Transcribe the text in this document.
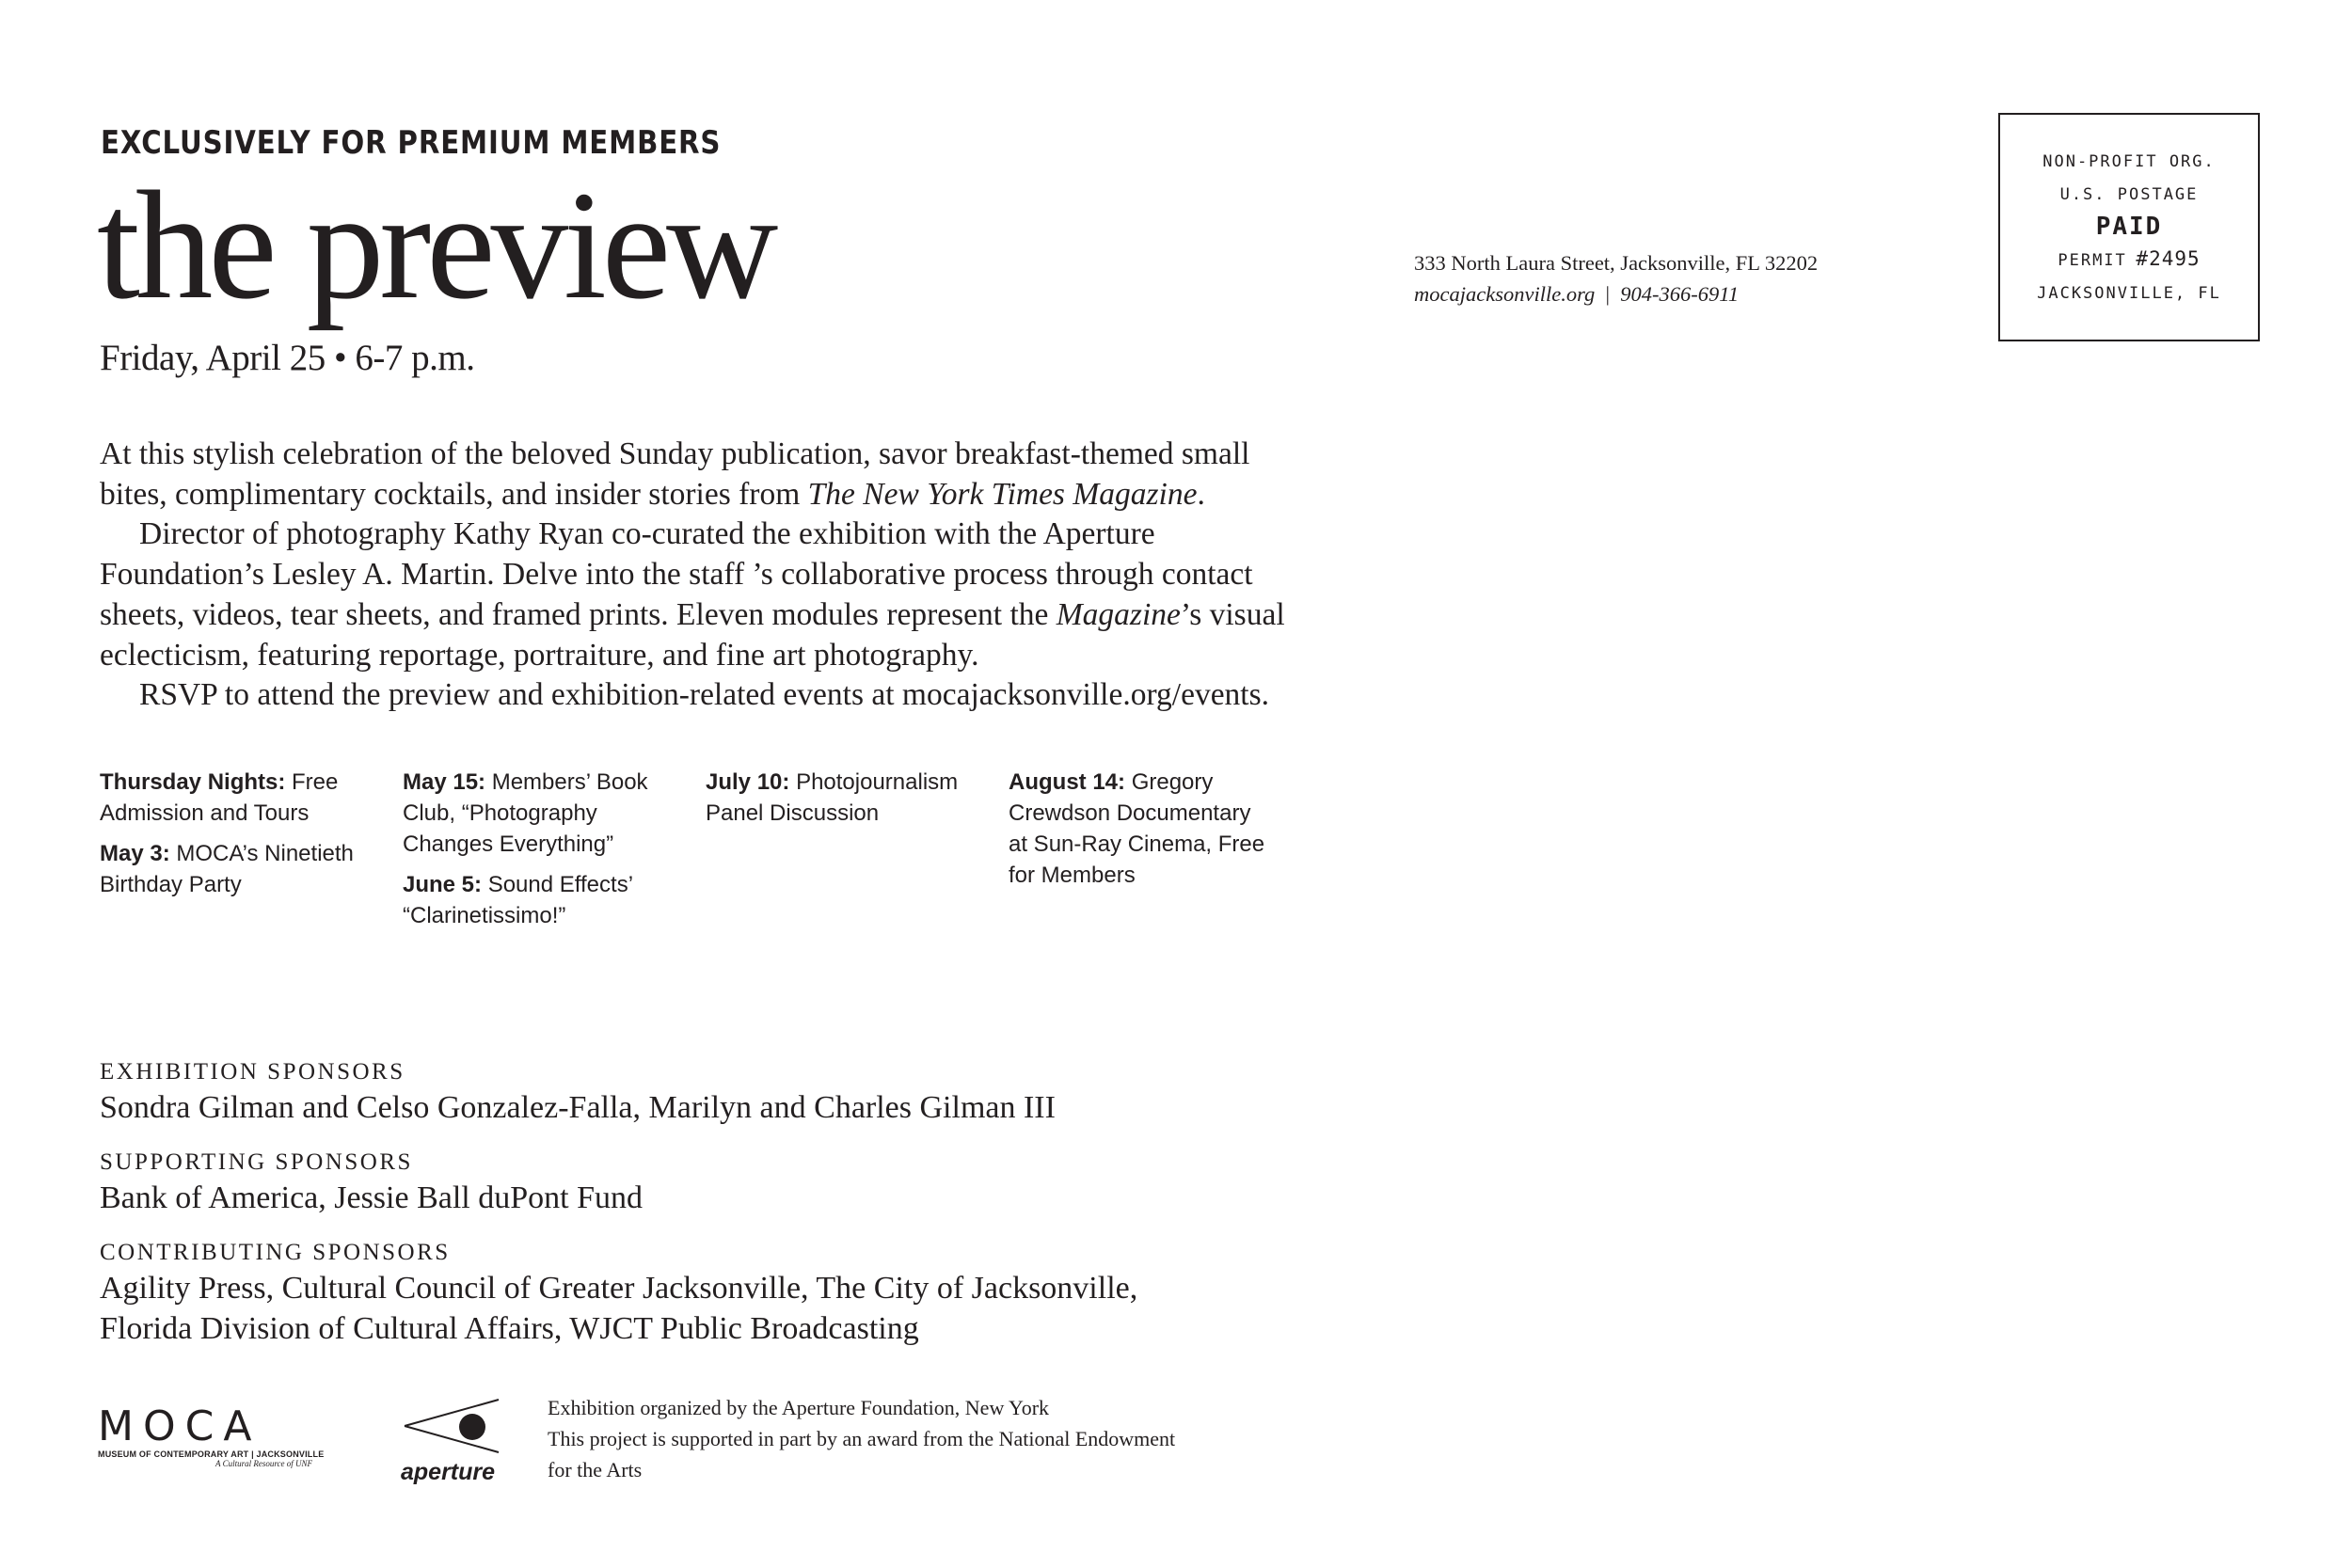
EXCLUSIVELY FOR PREMIUM MEMBERS
the preview
Friday, April 25 • 6-7 p.m.

At this stylish celebration of the beloved Sunday publication, savor breakfast-themed small

bites, complimentary cocktails, and insider stories from The New York Times Magazine.

Director of photography Kathy Ryan co-curated the exhibition with the Aperture

Foundation’s Lesley A. Martin. Delve into the staff ’s collaborative process through contact

sheets, videos, tear sheets, and framed prints. Eleven modules represent the Magazine’s visual

eclecticism, featuring reportage, portraiture, and fine art photography.

RSVP to attend the preview and exhibition-related events at mocajacksonville.org/events.

Thursday Nights: Free Admission and Tours
May 3: MOCA’s Ninetieth Birthday Party
May 15: Members’ Book Club, “Photography Changes Everything”
June 5: Sound Effects’ “Clarinetissimo!”
July 10: Photojournalism Panel Discussion
August 14: Gregory Crewdson Documentary at Sun-Ray Cinema, Free for Members
EXHIBITION SPONSORS
Sondra Gilman and Celso Gonzalez-Falla, Marilyn and Charles Gilman III
SUPPORTING SPONSORS
Bank of America, Jessie Ball duPont Fund
CONTRIBUTING SPONSORS
Agility Press, Cultural Council of Greater Jacksonville, The City of Jacksonville,
Florida Division of Cultural Affairs, WJCT Public Broadcasting
333 North Laura Street, Jacksonville, FL 32202
mocajacksonville.org | 904-366-6911
NON-PROFIT ORG.
U.S. POSTAGE
PAID
PERMIT #2495
JACKSONVILLE, FL
MOCA
MUSEUM OF CONTEMPORARY ART | JACKSONVILLE
A Cultural Resource of UNF	aperture
Exhibition organized by the Aperture Foundation, New York
This project is supported in part by an award from the National Endowment
for the Arts
